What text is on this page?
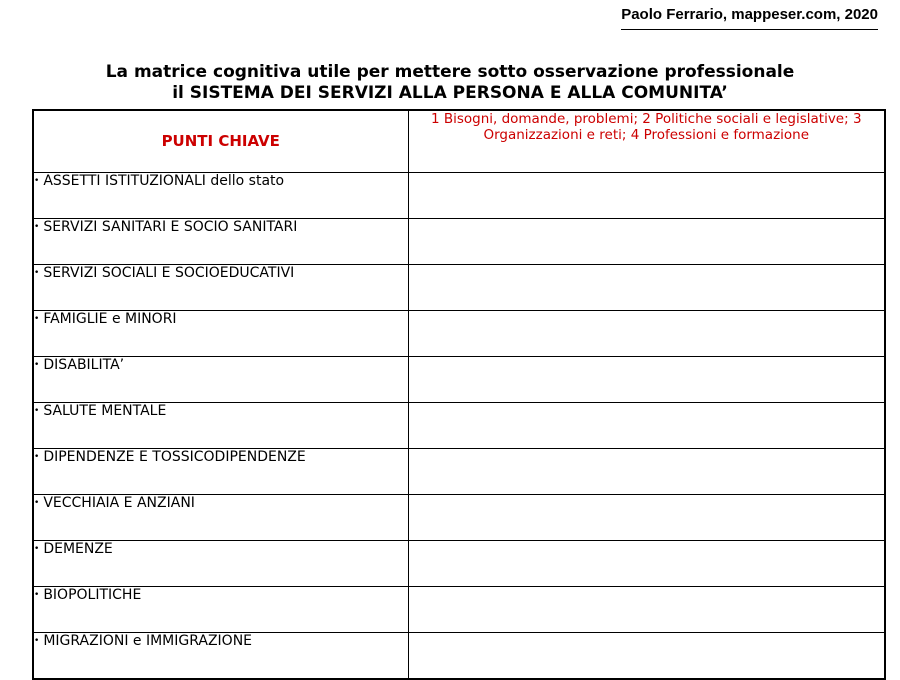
Paolo Ferrario, mappeser.com, 2020
La matrice cognitiva utile per mettere sotto osservazione professionale
il SISTEMA DEI SERVIZI ALLA PERSONA E ALLA COMUNITA’
PUNTI CHIAVE	1 Bisogni, domande, problemi; 2 Politiche sociali e legislative; 3 Organizzazioni e reti; 4 Professioni e formazione
• ASSETTI ISTITUZIONALI dello stato	
• SERVIZI SANITARI E SOCIO SANITARI	
• SERVIZI SOCIALI E SOCIOEDUCATIVI	
• FAMIGLIE e MINORI	
• DISABILITA’	
• SALUTE MENTALE	
• DIPENDENZE E TOSSICODIPENDENZE	
• VECCHIAIA E ANZIANI	
• DEMENZE	
• BIOPOLITICHE	
• MIGRAZIONI e IMMIGRAZIONE	
